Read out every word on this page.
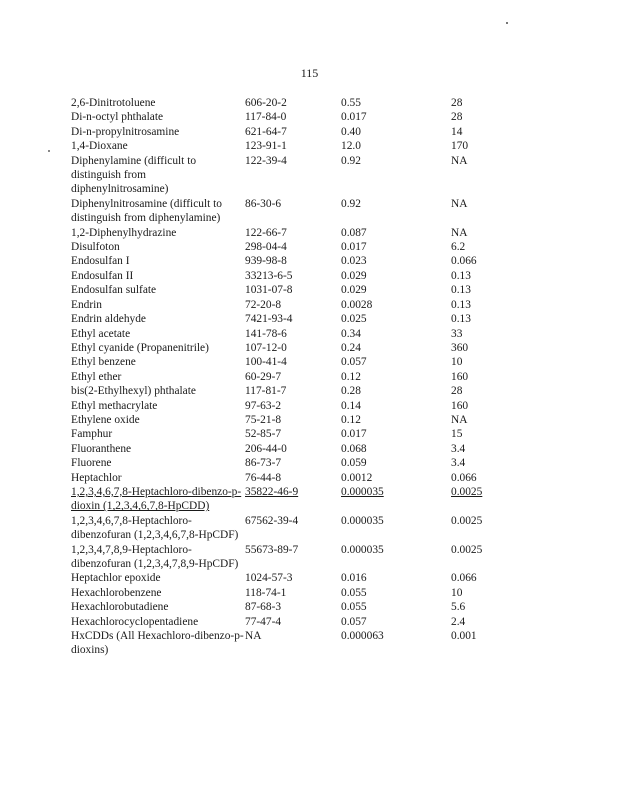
115
2,6-Dinitrotoluene	606-20-2	0.55	28
Di-n-octyl phthalate	117-84-0	0.017	28
Di-n-propylnitrosamine	621-64-7	0.40	14
1,4-Dioxane	123-91-1	12.0	170
Diphenylamine (difficult to distinguish from diphenylnitrosamine)	122-39-4	0.92	NA
Diphenylnitrosamine (difficult to distinguish from diphenylamine)	86-30-6	0.92	NA
1,2-Diphenylhydrazine	122-66-7	0.087	NA
Disulfoton	298-04-4	0.017	6.2
Endosulfan I	939-98-8	0.023	0.066
Endosulfan II	33213-6-5	0.029	0.13
Endosulfan sulfate	1031-07-8	0.029	0.13
Endrin	72-20-8	0.0028	0.13
Endrin aldehyde	7421-93-4	0.025	0.13
Ethyl acetate	141-78-6	0.34	33
Ethyl cyanide (Propanenitrile)	107-12-0	0.24	360
Ethyl benzene	100-41-4	0.057	10
Ethyl ether	60-29-7	0.12	160
bis(2-Ethylhexyl) phthalate	117-81-7	0.28	28
Ethyl methacrylate	97-63-2	0.14	160
Ethylene oxide	75-21-8	0.12	NA
Famphur	52-85-7	0.017	15
Fluoranthene	206-44-0	0.068	3.4
Fluorene	86-73-7	0.059	3.4
Heptachlor	76-44-8	0.0012	0.066
1,2,3,4,6,7,8-Heptachloro-dibenzo-p-dioxin (1,2,3,4,6,7,8-HpCDD)	35822-46-9	0.000035	0.0025
1,2,3,4,6,7,8-Heptachloro-dibenzofuran (1,2,3,4,6,7,8-HpCDF)	67562-39-4	0.000035	0.0025
1,2,3,4,7,8,9-Heptachloro-dibenzofuran (1,2,3,4,7,8,9-HpCDF)	55673-89-7	0.000035	0.0025
Heptachlor epoxide	1024-57-3	0.016	0.066
Hexachlorobenzene	118-74-1	0.055	10
Hexachlorobutadiene	87-68-3	0.055	5.6
Hexachlorocyclopentadiene	77-47-4	0.057	2.4
HxCDDs (All Hexachloro-dibenzo-p-dioxins)	NA	0.000063	0.001
